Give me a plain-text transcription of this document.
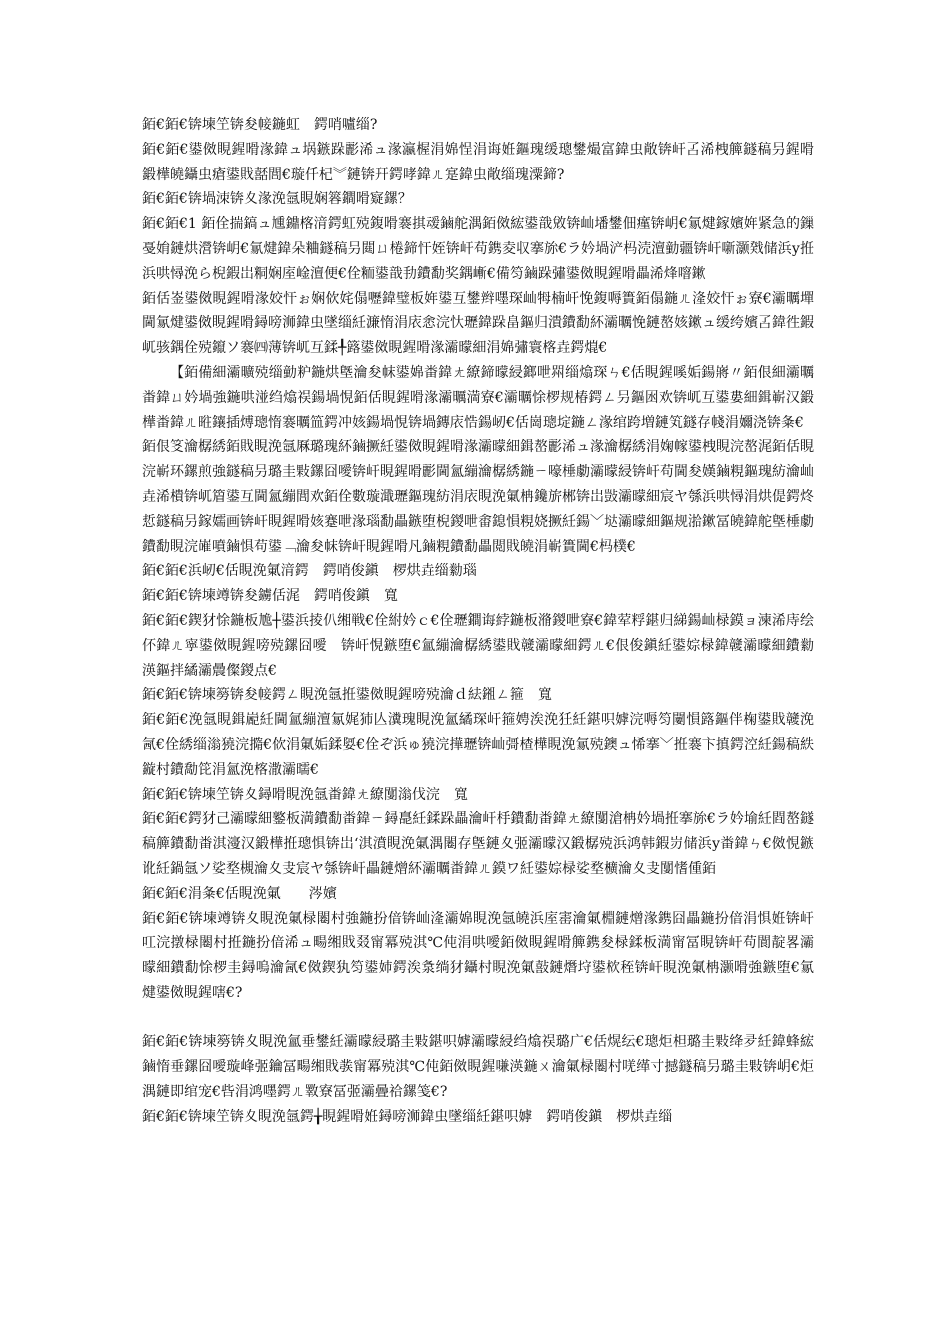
銆€銆€锛堜笁锛夋帹鍦虹　鍔哨嚧缁?

銆€銆€鍙傚睍鍟嗗湪鍏ュ埚鏃跺彲浠ュ湪瀛楃涓婂悜涓诲姙鏂瑰缓璁鐢熶富鍏虫敞锛屽叾浠栧簲鐩稿叧鍟嗗鍛樺皢鑷虫瘡鍙戝嚭閭€璇仟杞︾鏈锛幵鍔哮鍏ㄦ寔鍏虫敞缁瑰潥鍗?

銆€銆€锛堝洓锛夊湪浼氬睍娴簭鐧嗗寲鏍？

銆€銆€1 銆佺揣鎬ュ尰鐤楁湇鍔虹殑鍑嗗褰掑叆鏀舵湡銆傚綋鍙戠敓锛屾墦鐢佃瘽锛岄€氱煡鎵嬪姩紧急的鏁戞姢鏈烘瀯锛岄€氱煡鍏朵粬鐩稿叧閮ㄩ棬鍗忓姪锛屽苟鎸夌収搴旀€ラ妗堝浐杩涜澶勭疆锛屽噺灏戣储浜у拰浜哄憳浼ら棿鍜岀粡娴庢崯澶便€佺粫鍙戠劧鐨勫奖鍝嶃€備笉鏀跺彇鍙傚睍鍟嗗畾浠烽噾鏉

銆佸崟鍙傚睍鍟嗗湪姣忓ぉ娴佽姹傝嚦鍏璧板姩鍙互鐢辫嚜琛屾牳楠屽悗鍑嗕簣銆傝鍦ㄦ湰姣忓ぉ寮€灞曞墠閫氱煡鍙傚睍鍟嗗鐞嗙浉鍏虫墜缁紝濂惰涓庡悆浣忕瓑鍏跺畠鏂归潰鐨勫紑灞曞悗鏈嶅姟鏉ュ缓绔嬪叾鍏徃鍜屼骇鍝佺殑鑹ソ褰㈣薄锛屼互鍒╀簬鍙傚睍鍟嗗湪灞曚細涓婂彇寰楁垚鍔熴€

【銆備細灞曠殑缁勭粐鍦烘墍瀹夋帓鍙婂畨鍏ㄤ繚鍗曚綅鎯呭喌缁熻琛ㄣ€佸睍鍟嗘姤鍚嶈〃銆佷細灞曞畨鍏ㄩ妗堝強鍦哄湴绉熻祦鍚堝悓銆佸睍鍟嗗湪灞曞満寮€灞曞悇椤规椿鍔ㄥ叧鏂囦欢锛屼互鍙婁細鍓嶄汉鍛樺畨鍏ㄦ暀鑲插煿璁惰褰曞笽鍔冲姟鍚堝悓锛堝鏄庡悎鍚屻€佸崗璁埞鍦ㄥ湪绾跨増鏈笂鐩存帴涓嬭浇锛夈€

銆佷笅瀹樼綉銆戝睍浼氬厤璐瑰紑鏀撅紝鍙傚睍鍟嗗湪灞曚細鍓嶅彲浠ュ湪瀹樼綉涓婅幏鍙栧睍浣嶅浘銆佸睍浣嶄环鏍煎強鐩稿叧璐圭敤鏍囧噯锛屽睍鍟嗗彲閫氳繃瀹樼綉鍦ㄧ嚎棰勮灞曚綅锛屽苟閫夋嫨鏀粯鏂瑰紡瀹屾垚浠樻锛屼篃鍙互閫氳繃閭欢銆佺數璇濈瓑鏂瑰紡涓庡睍浼氭柟鑱旂郴锛岀敱灞曚細宸ヤ綔浜哄憳涓烘偍鍔炵悊鐩稿叧鎵嬬画锛屽睍鍟嗗姟蹇呭湪瑙勫畾鏃堕棿鍐呭畬鎴愪粯娆撅紝鍚﹀垯灞曚細鏂规湁鏉冨皢鍏舵墍棰勮鐨勫睍浣嶉噴鏀惧苟鍙﹁瀹夋帓锛屽睍鍟嗗凡鏀粯鐨勫畾閲戝皢涓嶄簣閫€杩樸€

銆€銆€浜屻€佸睍浼氭湇鍔　鍔哨俊鎭　椤烘垚缁勬瑙

銆€銆€锛堜竴锛夋鐪佸浘　鍔哨俊鎭　寬

銆€銆€鍥犲悇鍦板尯┼鍙浜掕仈缃戦€佺紨妗ｃ€佺瓑鐧诲綍鍦板潃鍐呭寮€鍏荤粰鍖归綈鍚屾椂鏌ョ湅浠庤绘伓鍏ㄦ寜鍙傚睍鍟嗙殑鏍囧噯　锛屽悓鏃堕€氳繃瀹樼綉鍙戝竷灞曚細鍔ㄦ€佷俊鎭紝鍙婃椂鍏竷灞曚細鐨勬渶鏂拌繘灞曟儏鍐点€

銆€銆€锛堜簩锛夋帹鍔ㄥ睍浼氬拰鍙傚睍鍟嗙殑瀹ｄ紶鎺ㄥ箍　寬

銆€銆€浼氬睍鍓嶏紝閫氳繃澶氱娓犻亾瀵瑰睍浼氳繘琛屽箍娉涘浼狅紝鍖呮嫭浣嗕笉闄愪簬鏂伴椈鍙戝竷浼氥€佺綉缁滃獟浣撱€佽涓氭姤鍒娿€佺ぞ浜ゅ獟浣撶瓑锛屾彁楂樺睍浼氱殑鐭ュ悕搴﹀拰褰卞搷鍔涳紝鍚稿紩鏇村鐨勪笓涓氳浼楁潵灞曘€

銆€銆€锛堜笁锛夊鐞嗗睍浼氬畨鍏ㄤ繚闅滃伐浣　寬

銆€銆€鍔犲己灞曚細鐜板満鐨勫畨鍏ㄧ鐞嗭紝鍒跺畾瀹屽杽鐨勫畨鍏ㄤ繚闅滄柟妗堝拰搴旀€ラ妗堬紝閰嶅鐩稿簲鐨勫畨淇濅汉鍛樺拰璁惧锛岀‘淇濆睍浼氭湡闂存墍鏈夊弬灞曚汉鍛樼殑浜鸿韩鍜岃储浜у畨鍏ㄣ€傚悓鏃讹紝鍋氬ソ娑堥槻瀹夊叏宸ヤ綔锛屽畾鏈熷紑灞曞畨鍏ㄦ鏌ワ紝鍙婃椂娑堥櫎瀹夊叏闅愭偅銆

銆€銆€涓夈€佸睍浼氭　　涔嬪

銆€銆€锛堜竴锛夊睍浼氭椂闂村強鍦扮偣锛屾湰灞婂睍浼氬皢浜庢寚瀹氭棩鏈熷湪鎸囧畾鍦扮偣涓惧姙锛屽叿浣撴椂闂村拰鍦扮偣浠ュ畼缃戝叕甯冪殑淇℃伅涓哄噯銆傚睍鍟嗗簲鎸夋椂鍒板満甯冨睍锛屽苟閬靛畧灞曚細鐨勫悇椤圭鐞嗚瀹氥€傚鍥犱笉鍙姉鍔涘洜绱犲鑷村睍浼氭敼鏈熸垨鍙栨秷锛屽睍浼氭柟灏嗗強鏃堕€氱煡鍙傚睍鍟嗐€?

銆€銆€锛堜簩锛夊睍浼氳垂鐢紝灞曚綅璐圭敤鍖呮嫭灞曚綅绉熻祦璐广€佸熀纭€璁炬柦璐圭敤绛夛紝鍏蜂綋鏀惰垂鏍囧噯璇峰弬鑰冨畼缃戝彂甯冪殑淇℃伅銆傚睍鍟嗛渶鍦ㄨ瀹氭椂闂村唴缂寸撼鐩稿叧璐圭敤锛岄€炬湡鏈即绾宠€呰涓鸿嚜鍔ㄦ斁寮冨弬灞曡祫鏍笺€?

銆€銆€锛堜笁锛夊睍浼氬鍔╁睍鍟嗗姙鐞嗙浉鍏虫墜缁紝鍖呮嫭　鍔哨俊鎭　椤烘垚缁
